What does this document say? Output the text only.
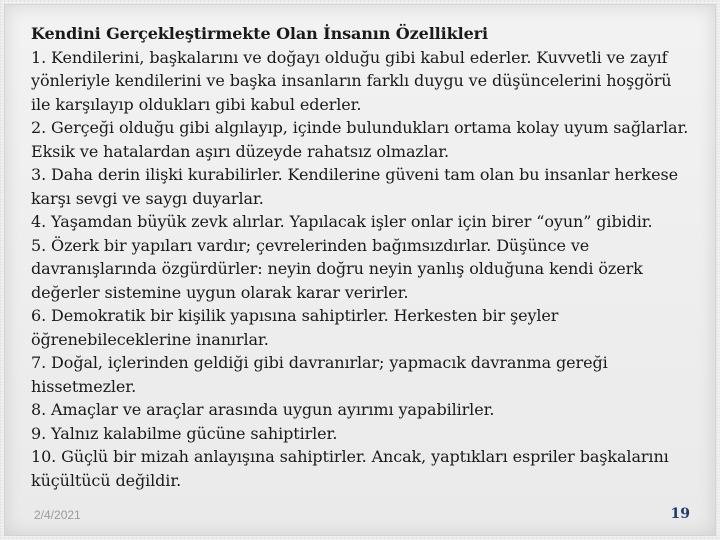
Kendini Gerçekleştirmekte Olan İnsanın Özellikleri

1. Kendilerini, başkalarını ve doğayı olduğu gibi kabul ederler. Kuvvetli ve zayıf yönleriyle kendilerini ve başka insanların farklı duygu ve düşüncelerini hoşgörü ile karşılayıp oldukları gibi kabul ederler.

2. Gerçeği olduğu gibi algılayıp, içinde bulundukları ortama kolay uyum sağlarlar. Eksik ve hatalardan aşırı düzeyde rahatsız olmazlar.

3. Daha derin ilişki kurabilirler. Kendilerine güveni tam olan bu insanlar herkese karşı sevgi ve saygı duyarlar.

4. Yaşamdan büyük zevk alırlar. Yapılacak işler onlar için birer “oyun” gibidir.

5. Özerk bir yapıları vardır; çevrelerinden bağımsızdırlar. Düşünce ve davranışlarında özgürdürler: neyin doğru neyin yanlış olduğuna kendi özerk değerler sistemine uygun olarak karar verirler.

6. Demokratik bir kişilik yapısına sahiptirler. Herkesten bir şeyler öğrenebileceklerine inanırlar.

7. Doğal, içlerinden geldiği gibi davranırlar; yapmacık davranma gereği hissetmezler.

8. Amaçlar ve araçlar arasında uygun ayırımı yapabilirler.

9. Yalnız kalabilme gücüne sahiptirler.

10. Güçlü bir mizah anlayışına sahiptirler. Ancak, yaptıkları espriler başkalarını küçültücü değildir.

2/4/2021	19
